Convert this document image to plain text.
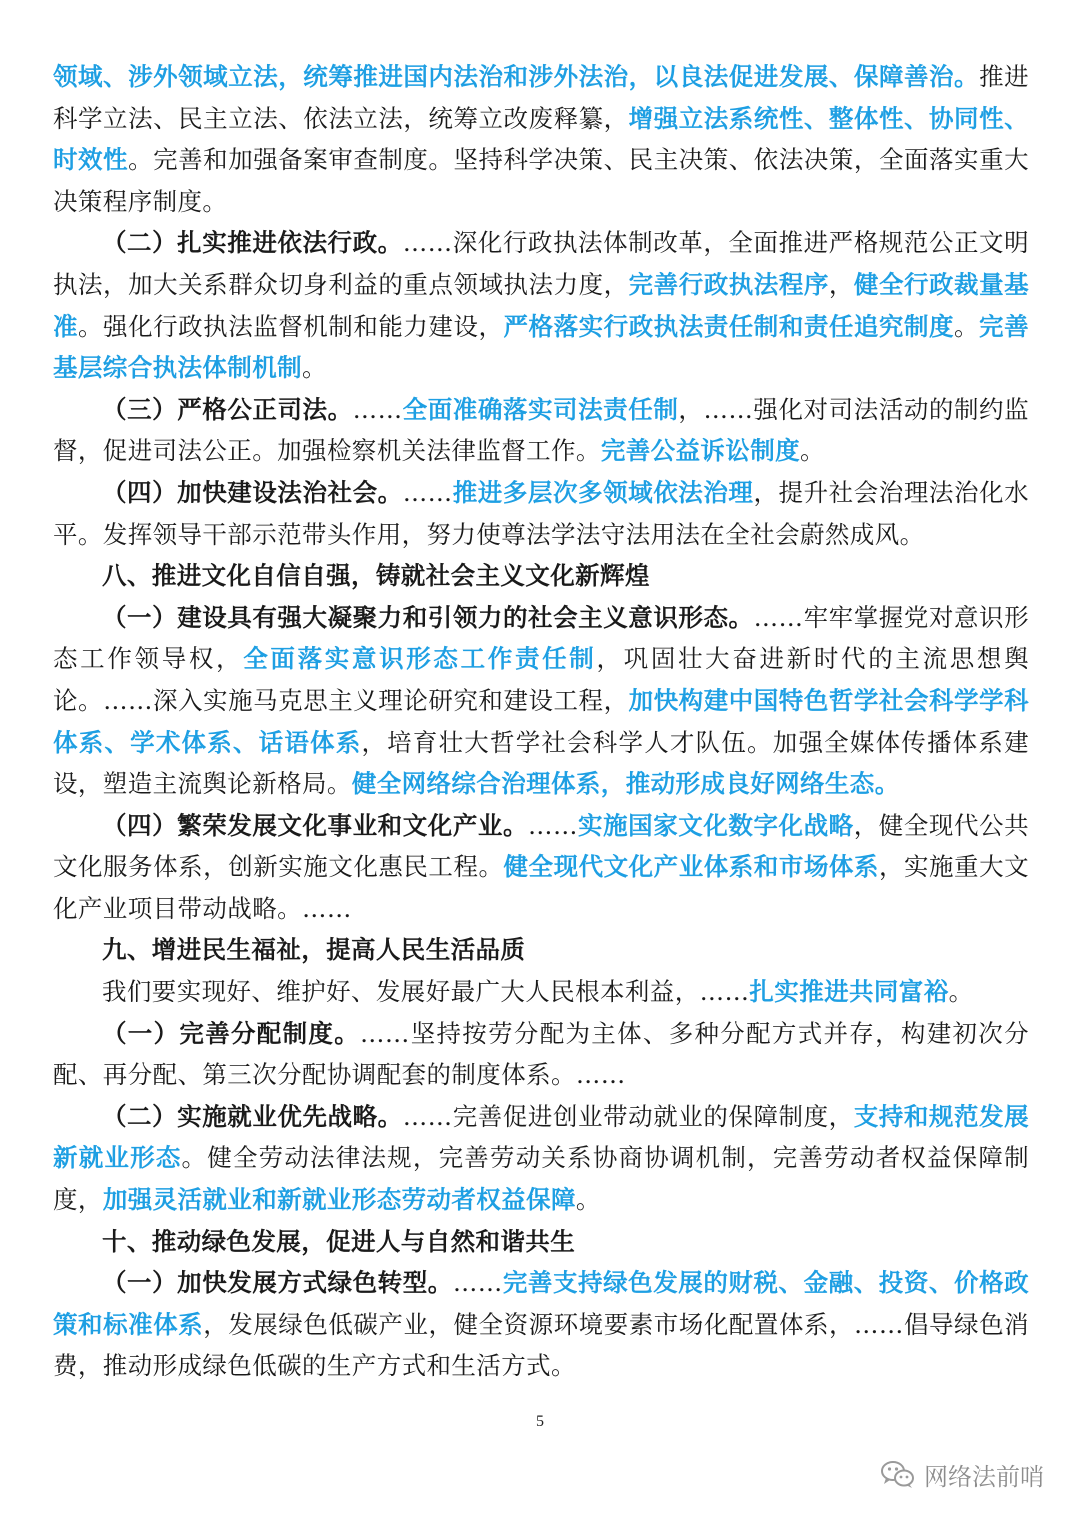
领域、涉外领域立法，统筹推进国内法治和涉外法治，以良法促进发展、保障善治。推进科学立法、民主立法、依法立法，统筹立改废释纂，增强立法系统性、整体性、协同性、时效性。完善和加强备案审查制度。坚持科学决策、民主决策、依法决策，全面落实重大决策程序制度。

（二）扎实推进依法行政。……深化行政执法体制改革，全面推进严格规范公正文明执法，加大关系群众切身利益的重点领域执法力度，完善行政执法程序，健全行政裁量基准。强化行政执法监督机制和能力建设，严格落实行政执法责任制和责任追究制度。完善基层综合执法体制机制。

（三）严格公正司法。……全面准确落实司法责任制，……强化对司法活动的制约监督，促进司法公正。加强检察机关法律监督工作。完善公益诉讼制度。

（四）加快建设法治社会。……推进多层次多领域依法治理，提升社会治理法治化水平。发挥领导干部示范带头作用，努力使尊法学法守法用法在全社会蔚然成风。

八、推进文化自信自强，铸就社会主义文化新辉煌

（一）建设具有强大凝聚力和引领力的社会主义意识形态。……牢牢掌握党对意识形态工作领导权，全面落实意识形态工作责任制，巩固壮大奋进新时代的主流思想舆论。……深入实施马克思主义理论研究和建设工程，加快构建中国特色哲学社会科学学科体系、学术体系、话语体系，培育壮大哲学社会科学人才队伍。加强全媒体传播体系建设，塑造主流舆论新格局。健全网络综合治理体系，推动形成良好网络生态。

（四）繁荣发展文化事业和文化产业。……实施国家文化数字化战略，健全现代公共文化服务体系，创新实施文化惠民工程。健全现代文化产业体系和市场体系，实施重大文化产业项目带动战略。……

九、增进民生福祉，提高人民生活品质

我们要实现好、维护好、发展好最广大人民根本利益，……扎实推进共同富裕。

（一）完善分配制度。……坚持按劳分配为主体、多种分配方式并存，构建初次分配、再分配、第三次分配协调配套的制度体系。……

（二）实施就业优先战略。……完善促进创业带动就业的保障制度，支持和规范发展新就业形态。健全劳动法律法规，完善劳动关系协商协调机制，完善劳动者权益保障制度，加强灵活就业和新就业形态劳动者权益保障。

十、推动绿色发展，促进人与自然和谐共生

（一）加快发展方式绿色转型。……完善支持绿色发展的财税、金融、投资、价格政策和标准体系，发展绿色低碳产业，健全资源环境要素市场化配置体系，……倡导绿色消费，推动形成绿色低碳的生产方式和生活方式。

5
网络法前哨
